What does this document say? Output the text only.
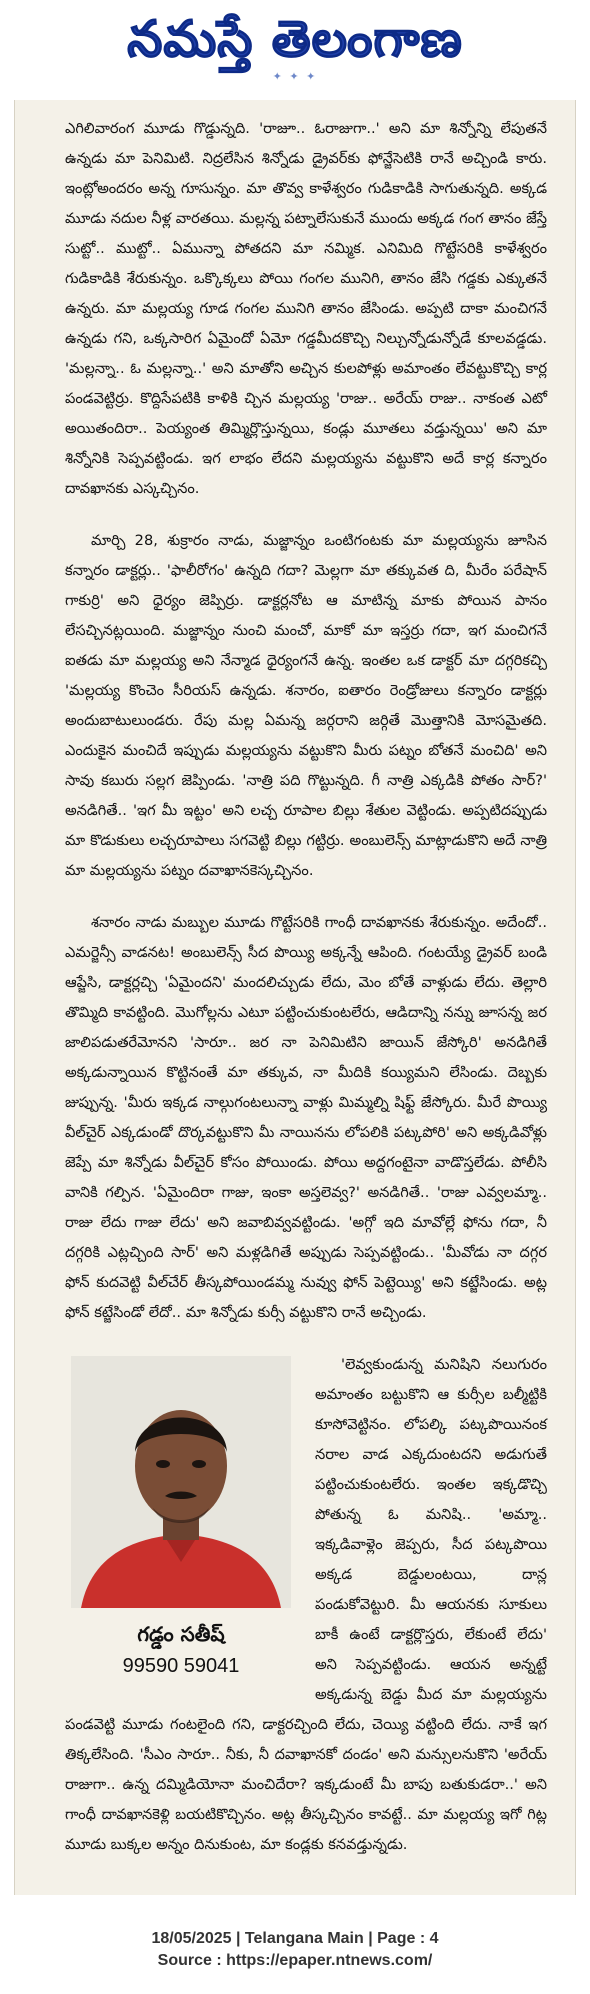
నమస్తే తెలంగాణ
✦ ✦ ✦

ఎగిలివారంగ మూడు గొడ్డున్నది. 'రాజూ.. ఓరాజుగా..' అని మా శిన్నోన్ని లేపుతనే ఉన్నడు మా పెనిమిటి. నిద్రలేసిన శిన్నోడు డ్రైవర్‌కు ఫోన్జేసెటికి రానే అచ్చిండి కారు. ఇంట్లోఅందరం అన్న గూసున్నం. మా తొవ్వ కాళేశ్వరం గుడికాడికి సాగుతున్నది. అక్కడ మూడు నదుల నీళ్ల వారతయి. మల్లన్న పట్నాలేసుకునే ముందు అక్కడ గంగ తానం జేస్తే సుట్టో.. ముట్టో.. ఏమున్నా పోతదని మా నమ్మిక. ఎనిమిది గొట్టేసరికి కాళేశ్వరం గుడికాడికి శేరుకున్నం. ఒక్కొక్కలు పోయి గంగల మునిగి, తానం జేసి గడ్డకు ఎక్కుతనే ఉన్నరు. మా మల్లయ్య గూడ గంగల మునిగి తానం జేసిండు. అప్పటి దాకా మంచిగనే ఉన్నడు గని, ఒక్కసారిగ ఏమైందో ఏమో గడ్డమీదకొచ్చి నిల్చున్నోడున్నోడే కూలవడ్డడు. 'మల్లన్నా.. ఓ మల్లన్నా..' అని మాతోని అచ్చిన కులపోళ్లు అమాంతం లేవట్టుకొచ్చి కార్ల పండవెట్టిర్రు. కొద్దిసేపటికి కాళికి చ్చిన మల్లయ్య 'రాజు.. అరేయ్ రాజు.. నాకంత ఎటో అయితందిరా.. పెయ్యంత తిమ్మిర్లొస్తున్నయి, కండ్లు మూతలు వడ్తున్నయి' అని మా శిన్నోనికి సెప్పవట్టిండు. ఇగ లాభం లేదని మల్లయ్యను వట్టుకొని అదే కార్ల కన్నారం దావఖానకు ఎస్కచ్చినం.

మార్చి 28, శుక్రారం నాడు, మజ్జాన్నం ఒంటిగంటకు మా మల్లయ్యను జూసిన కన్నారం డాక్టర్లు.. 'ఫాలీరోగం' ఉన్నది గదా? మెల్లగా మా తక్కువత ది, మీరేం పరేషాన్ గాకుర్రి' అని ధైర్యం జెప్పిర్రు. డాక్టర్లనోట ఆ మాటిన్న మాకు పోయిన పానం లేసచ్చినట్లయింది. మజ్జాన్నం నుంచి మంచో, మాకో మా ఇస్తర్రు గదా, ఇగ మంచిగనే ఐతడు మా మల్లయ్య అని నేన్మాడ ధైర్యంగనే ఉన్న. ఇంతల ఒక డాక్టర్ మా దగ్గరికచ్చి 'మల్లయ్య కొంచెం సీరియస్ ఉన్నడు. శనారం, ఐతారం రెండ్రోజులు కన్నారం డాక్టర్లు అందుబాటులుండరు. రేపు మల్ల ఏమన్న జర్గరాని జర్గితే మొత్తానికి మోసమైతది. ఎందుకైన మంచిదే ఇప్పుడు మల్లయ్యను వట్టుకొని మీరు పట్నం బోతనే మంచిది' అని సావు కబురు సల్లగ జెప్పిండు. 'నాత్రి పది గొట్టున్నది. గీ నాత్రి ఎక్కడికి పోతం సార్?' అనడిగితే.. 'ఇగ మీ ఇట్టం' అని లచ్చ రూపాల బిల్లు శేతుల వెట్టిండు. అప్పటిదప్పుడు మా కొడుకులు లచ్చరూపాలు సగవెట్టి బిల్లు గట్టిర్రు. అంబులెన్స్ మాట్లాడుకొని అదే నాత్రి మా మల్లయ్యను పట్నం దవాఖానకెస్కచ్చినం.

శనారం నాడు మబ్బుల మూడు గొట్టేసరికి గాంధీ దావఖానకు శేరుకున్నం. అదేందో.. ఎమర్జెన్సీ వాడనట! అంబులెన్స్ సీద పొయ్యి అక్కన్నే ఆపింది. గంటయ్యే డ్రైవర్ బండి ఆప్జేసి, డాక్టర్లచ్చి 'ఏమైందని' మందలిచ్చుడు లేదు, మెం బోతే వాళ్లుడు లేదు. తెల్లారి తొమ్మిది కావట్టింది. మొగోల్లను ఎటూ పట్టించుకుంటలేరు, ఆడిదాన్ని నన్ను జూసన్న జర జాలిపడుతరేమోనని 'సారూ.. జర నా పెనిమిటిని జాయిన్ జేస్కోరి' అనడిగితే అక్కడున్నాయిన కొట్టినంతే మా తక్కువ, నా మీదికి కయ్యిమని లేసిండు. దెబ్బకు జుప్పున్న. 'మీరు ఇక్కడ నాల్గుగంటలున్నా వాళ్లు మిమ్మల్ని షిఫ్ట్ జేస్కోరు. మీరే పొయ్యి వీల్‌చైర్ ఎక్కడుండో దొర్కవట్టుకొని మీ నాయినను లోపలికి పట్కపోరి' అని అక్కడివోళ్లు జెప్పే మా శిన్నోడు వీల్‌చైర్ కోసం పోయిండు. పోయి అద్దగంటైనా వాడొస్తలేడు. పోలీసి వానికి గల్పిన. 'ఏమైందిరా గాజు, ఇంకా అస్తలెవ్వ?' అనడిగితే.. 'రాజు ఎవ్వలమ్మా.. రాజు లేదు గాజు లేదు' అని జవాబివ్వవట్టిండు. 'అగ్గో ఇది మావోల్లే ఫోను గదా, నీ దగ్గరికి ఎట్లచ్చింది సార్' అని మళ్లడిగితే అప్పుడు సెప్పవట్టిండు.. 'మీవోడు నా దగ్గర ఫోన్ కుదవెట్టి వీల్‌చేర్ తీస్కపోయిండమ్మ నువ్వు ఫోన్ పెట్టెయ్యి' అని కట్జేసిండు. అట్ల ఫోన్ కట్జేసిండో లేదో.. మా శిన్నోడు కుర్సీ వట్టుకొని రానే అచ్చిండు.

గడ్డం సతీష్
99590 59041

'లెవ్వకుండున్న మనిషిని నలుగురం అమాంతం బట్టుకొని ఆ కుర్సీల బల్మీట్టికి కూసోవెట్టినం. లోపల్కి పట్కపొయినంక నరాల వాడ ఎక్కదుంటదని అడుగుతే పట్టించుకుంటలేరు. ఇంతల ఇక్కడొచ్చి పోతున్న ఓ మనిషి.. 'అమ్మా.. ఇక్కడివాళ్లెం జెప్పరు, సీద పట్కపొయి అక్కడ బెడ్డులంటయి, దాన్ల పండుకోవెట్టురి. మీ ఆయనకు సూకులు బాకీ ఉంటే డాక్టర్లొస్తరు, లేకుంటే లేదు' అని సెప్పవట్టిండు. ఆయన అన్నట్టే అక్కడున్న బెడ్డు మీద మా మల్లయ్యను పండవెట్టి మూడు గంటలైంది గని, డాక్టరచ్చింది లేదు, చెయ్యి వట్టింది లేదు. నాకే ఇగ తిక్కలేసింది. 'సీఎం సారూ.. నీకు, నీ దవాఖానకో దండం' అని మన్సులనుకొని 'అరేయ్ రాజుగా.. ఉన్న దమ్మిడియోనా మంచిదేరా? ఇక్కడుంటే మీ బాపు బతుకుడరా..' అని గాంధీ దావఖానకెళ్లి బయటికొచ్చినం. అట్ల తీస్కచ్చినం కావట్టే.. మా మల్లయ్య ఇగో గిట్ల మూడు బుక్కల అన్నం దినుకుంట, మా కండ్లకు కనవడ్తున్నడు.

18/05/2025 | Telangana Main | Page : 4
Source : https://epaper.ntnews.com/
